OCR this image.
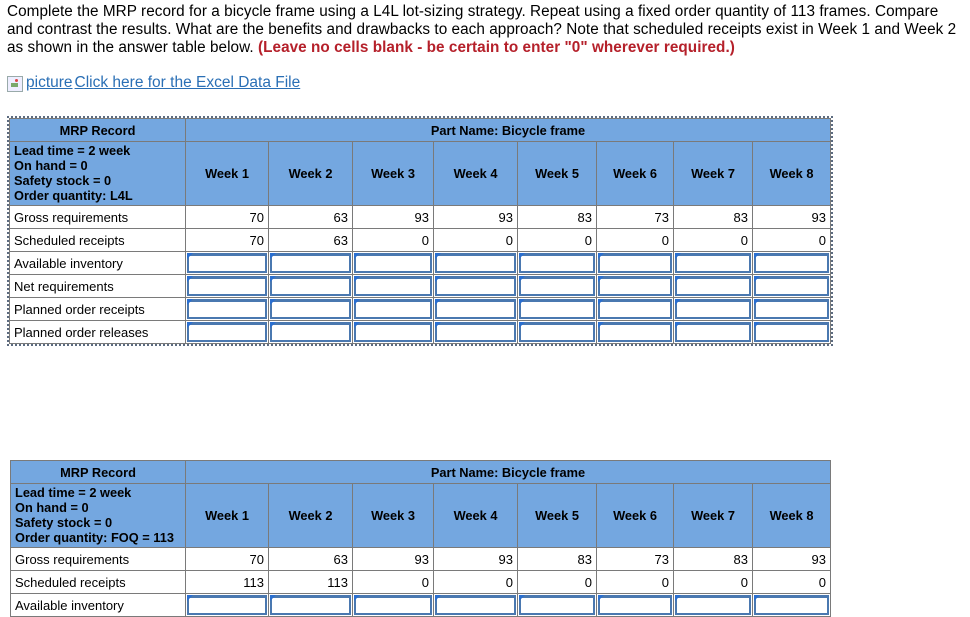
Complete the MRP record for a bicycle frame using a L4L lot-sizing strategy. Repeat using a fixed order quantity of 113 frames. Compare and contrast the results. What are the benefits and drawbacks to each approach? Note that scheduled receipts exist in Week 1 and Week 2 as shown in the answer table below. (Leave no cells blank - be certain to enter "0" wherever required.)
picture Click here for the Excel Data File
MRP Record	Part Name: Bicycle frame							

Lead time = 2 week
On hand = 0
Safety stock = 0
Order quantity: L4L	Week 1	Week 2	Week 3	Week 4	Week 5	Week 6	Week 7	Week 8
Gross requirements	70	63	93	93	83	73	83	93
Scheduled receipts	70	63	0	0	0	0	0	0
Available inventory	

Net requirements	

Planned order receipts	

Planned order releases	

MRP Record	Part Name: Bicycle frame							

Lead time = 2 week
On hand = 0
Safety stock = 0
Order quantity: FOQ = 113	Week 1	Week 2	Week 3	Week 4	Week 5	Week 6	Week 7	Week 8
Gross requirements	70	63	93	93	83	73	83	93
Scheduled receipts	113	113	0	0	0	0	0	0
Available inventory	
